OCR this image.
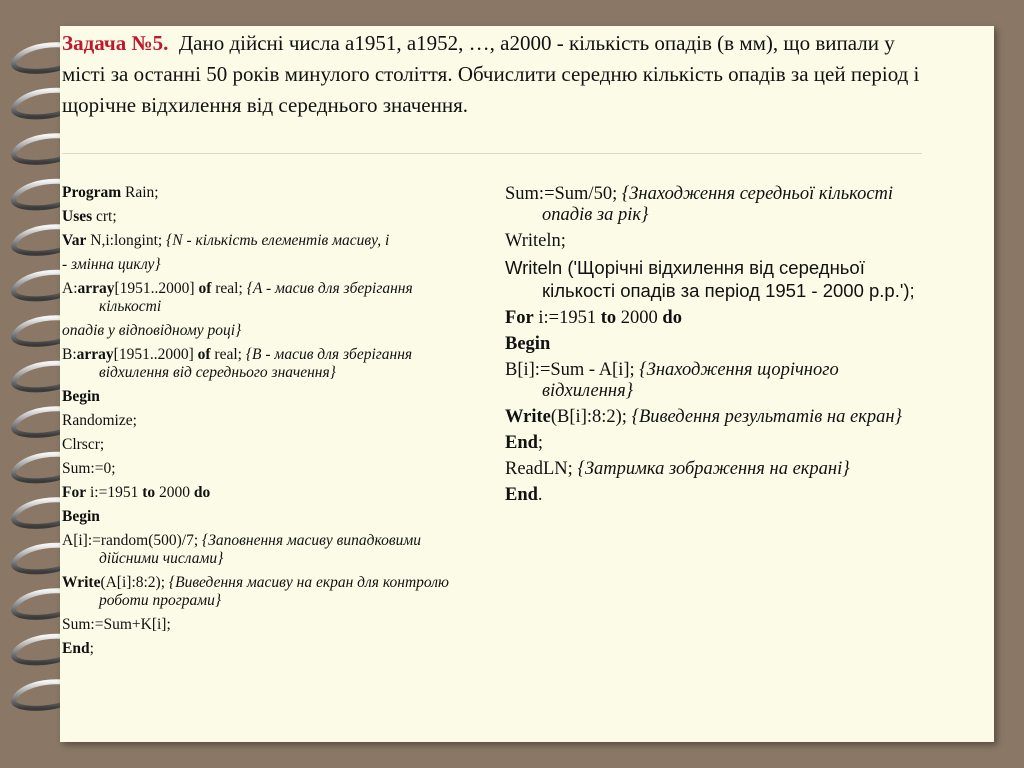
Задача №5. Дано дійсні числа а1951, а1952, …, а2000 - кількість опадів (в мм), що випали у місті за останні 50 років минулого століття. Обчислити середню кількість опадів за цей період і щорічне відхилення від середнього значення.
Program Rain;
Uses crt;
Var N,i:longint; {N - кількість елементів масиву, і
- змінна циклу}
A:array[1951..2000] of real; {A - масив для зберігання кількості
опадів у відповідному році}
B:array[1951..2000] of real; {B - масив для зберігання відхилення від середнього значення}
Begin
Randomize;
Clrscr;
Sum:=0;
For i:=1951 to 2000 do
Begin
A[i]:=random(500)/7; {Заповнення масиву випадковими дійсними числами}
Write(A[i]:8:2); {Виведення масиву на екран для контролю роботи програми}
Sum:=Sum+K[i];
End;
Sum:=Sum/50; {Знаходження середньої кількості опадів за рік}
Writeln;
Writeln ('Щорічні відхилення від середньої кількості опадів за період 1951 - 2000 р.р.');
For i:=1951 to 2000 do
Begin
B[i]:=Sum - A[i]; {Знаходження щорічного відхилення}
Write(B[i]:8:2); {Виведення результатів на екран}
End;
ReadLN; {Затримка зображення на екрані}
End.
